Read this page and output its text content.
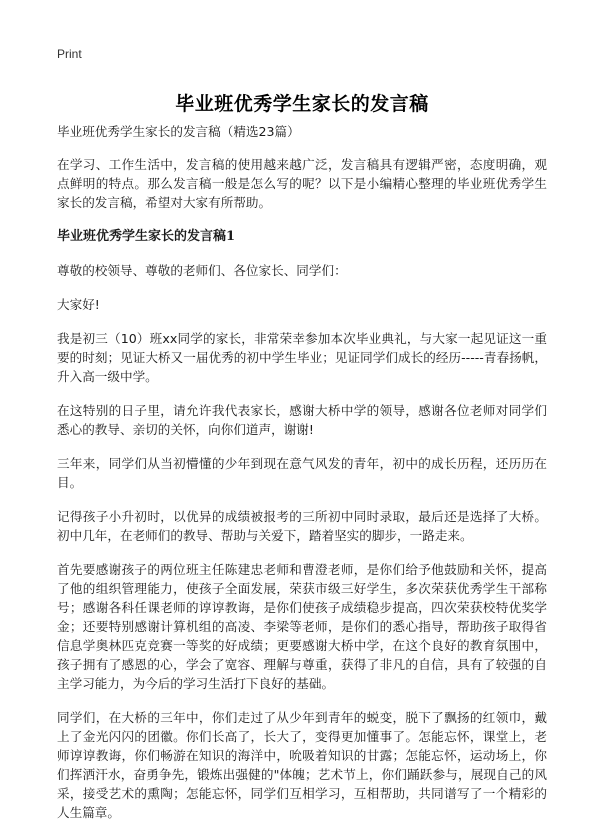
Print
毕业班优秀学生家长的发言稿

毕业班优秀学生家长的发言稿（精选23篇）

在学习、工作生活中，发言稿的使用越来越广泛，发言稿具有逻辑严密，态度明确，观点鲜明的特点。那么发言稿一般是怎么写的呢？以下是小编精心整理的毕业班优秀学生家长的发言稿，希望对大家有所帮助。

毕业班优秀学生家长的发言稿1

尊敬的校领导、尊敬的老师们、各位家长、同学们：

大家好!

我是初三（10）班xx同学的家长，非常荣幸参加本次毕业典礼，与大家一起见证这一重要的时刻；见证大桥又一届优秀的初中学生毕业；见证同学们成长的经历-----青春扬帆，升入高一级中学。

在这特别的日子里，请允许我代表家长，感谢大桥中学的领导，感谢各位老师对同学们悉心的教导、亲切的关怀，向你们道声，谢谢!

三年来，同学们从当初懵懂的少年到现在意气风发的青年，初中的成长历程，还历历在目。

记得孩子小升初时，以优异的成绩被报考的三所初中同时录取，最后还是选择了大桥。初中几年，在老师们的教导、帮助与关爱下，踏着坚实的脚步，一路走来。

首先要感谢孩子的两位班主任陈建忠老师和曹澄老师，是你们给予他鼓励和关怀，提高了他的组织管理能力，使孩子全面发展，荣获市级三好学生，多次荣获优秀学生干部称号；感谢各科任课老师的谆谆教诲，是你们使孩子成绩稳步提高，四次荣获校特优奖学金；还要特别感谢计算机组的高凌、李梁等老师，是你们的悉心指导，帮助孩子取得省信息学奥林匹克竞赛一等奖的好成绩；更要感谢大桥中学，在这个良好的教育氛围中，孩子拥有了感恩的心，学会了宽容、理解与尊重，获得了非凡的自信，具有了较强的自主学习能力，为今后的学习生活打下良好的基础。

同学们，在大桥的三年中，你们走过了从少年到青年的蜕变，脱下了飘扬的红领巾，戴上了金光闪闪的团徽。你们长高了，长大了，变得更加懂事了。怎能忘怀，课堂上，老师谆谆教诲，你们畅游在知识的海洋中，吮吸着知识的甘露；怎能忘怀，运动场上，你们挥洒汗水，奋勇争先，锻炼出强健的"体魄；艺术节上，你们踊跃参与，展现自己的风采，接受艺术的熏陶；怎能忘怀，同学们互相学习，互相帮助，共同谱写了一个精彩的人生篇章。
